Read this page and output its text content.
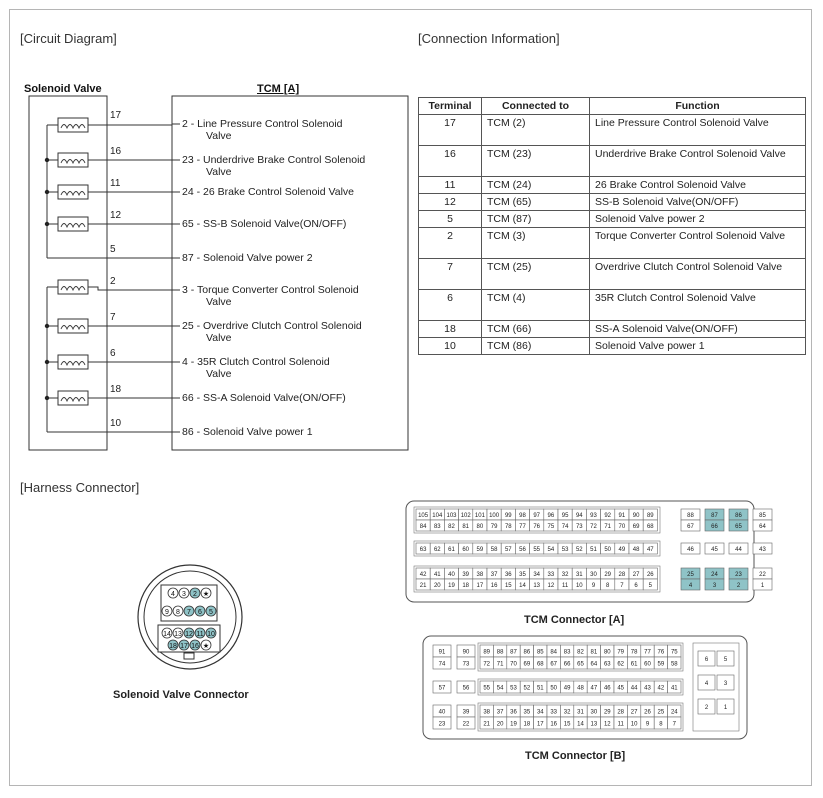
[Circuit Diagram]	[Connection Information]
[Harness Connector]
Solenoid Valve	TCM [A]
17
16
11
12
5
2
7
6
18
10
2 - Line Pressure Control Solenoid
Valve
23 - Underdrive Brake Control Solenoid
Valve
24 - 26 Brake Control Solenoid Valve
65 - SS-B Solenoid Valve(ON/OFF)
87 - Solenoid Valve power 2
3 - Torque Converter Control Solenoid
Valve
25 - Overdrive Clutch Control Solenoid
Valve
4 - 35R Clutch Control Solenoid
Valve
66 - SS-A Solenoid Valve(ON/OFF)
86 - Solenoid Valve power 1
Terminal	Connected to	Function
17	TCM (2)	Line Pressure Control Solenoid Valve
16	TCM (23)	Underdrive Brake Control Solenoid Valve
11	TCM (24)	26 Brake Control Solenoid Valve
12	TCM (65)	SS-B Solenoid Valve(ON/OFF)
5	TCM (87)	Solenoid Valve power 2
2	TCM (3)	Torque Converter Control Solenoid Valve
7	TCM (25)	Overdrive Clutch Control Solenoid Valve
6	TCM (4)	35R Clutch Control Solenoid Valve
18	TCM (66)	SS-A Solenoid Valve(ON/OFF)
10	TCM (86)	Solenoid Valve power 1
4 3 2 ★
9 8 7 6 5
14 13 12 11 10
18 17 16 ★
Solenoid Valve Connector
105 104 103 102 101 100 99 98 97 96 95 94 93 92 91 90 89
84 83 82 81 80 79 78 77 76 75 74 73 72 71 70 69 68
63 62 61 60 59 58 57 56 55 54 53 52 51 50 49 48 47
42 41 40 39 38 37 36 35 34 33 32 31 30 29 28 27 26
21 20 19 18 17 16 15 14 13 12 11 10 9 8 7 6 5
88	87	86	85
67	66	65	64
46	45	44	43
25	24	23	22
4	3	2	1
TCM Connector [A]
91	90
74	73
57	56
40	39
23	22
89 88 87 86 85 84 83 82 81 80 79 78 77 76 75
72 71 70 69 68 67 66 65 64 63 62 61 60 59 58
55 54 53 52 51 50 49 48 47 46 45 44 43 42 41
38 37 36 35 34 33 32 31 30 29 28 27 26 25 24
21 20 19 18 17 16 15 14 13 12 11 10 9 8 7
6	5
4	3
2	1
TCM Connector [B]
